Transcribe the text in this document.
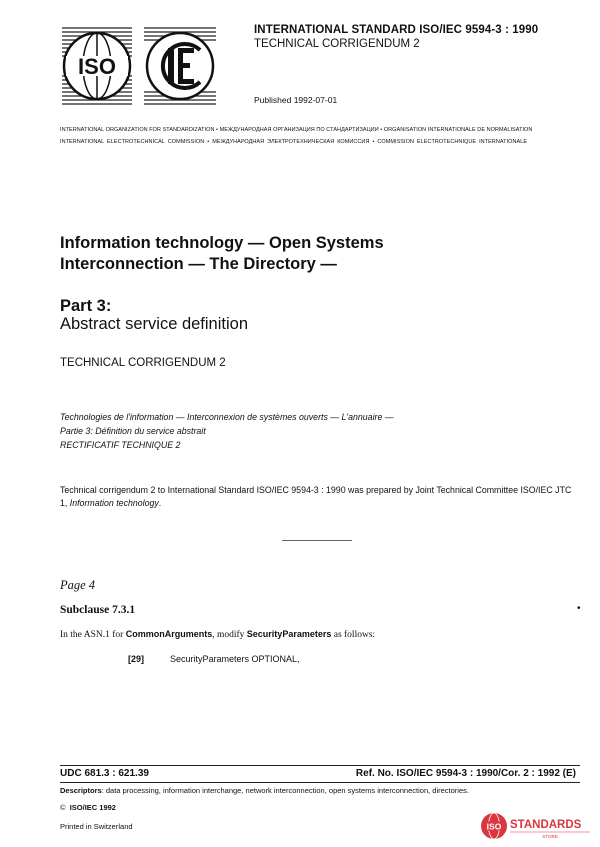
ISO
INTERNATIONAL STANDARD ISO/IEC 9594-3 : 1990
TECHNICAL CORRIGENDUM 2
Published 1992-07-01
INTERNATIONAL ORGANIZATION FOR STANDARDIZATION • МЕЖДУНАРОДНАЯ ОРГАНИЗАЦИЯ ПО СТАНДАРТИЗАЦИИ • ORGANISATION INTERNATIONALE DE NORMALISATION
INTERNATIONAL ELECTROTECHNICAL COMMISSION • МЕЖДУНАРОДНАЯ ЭЛЕКТРОТЕХНИЧЕСКАЯ КОМИССИЯ • COMMISSION ELECTROTECHNIQUE INTERNATIONALE
Information technology — Open Systems
Interconnection — The Directory —
Part 3:
Abstract service definition
TECHNICAL CORRIGENDUM 2
Technologies de l'information — Interconnexion de systèmes ouverts — L'annuaire —
Partie 3: Définition du service abstrait
RECTIFICATIF TECHNIQUE 2
Technical corrigendum 2 to International Standard ISO/IEC 9594-3 : 1990 was prepared by Joint Technical Committee ISO/IEC JTC 1, Information technology.
Page 4
Subclause 7.3.1	•
In the ASN.1 for CommonArguments, modify SecurityParameters as follows:
[29]	SecurityParameters OPTIONAL,
UDC 681.3 : 621.39	Ref. No. ISO/IEC 9594-3 : 1990/Cor. 2 : 1992 (E)
Descriptors: data processing, information interchange, network interconnection, open systems interconnection, directories.
© ISO/IEC 1992
Printed in Switzerland	ISO STANDARDS
STORE
